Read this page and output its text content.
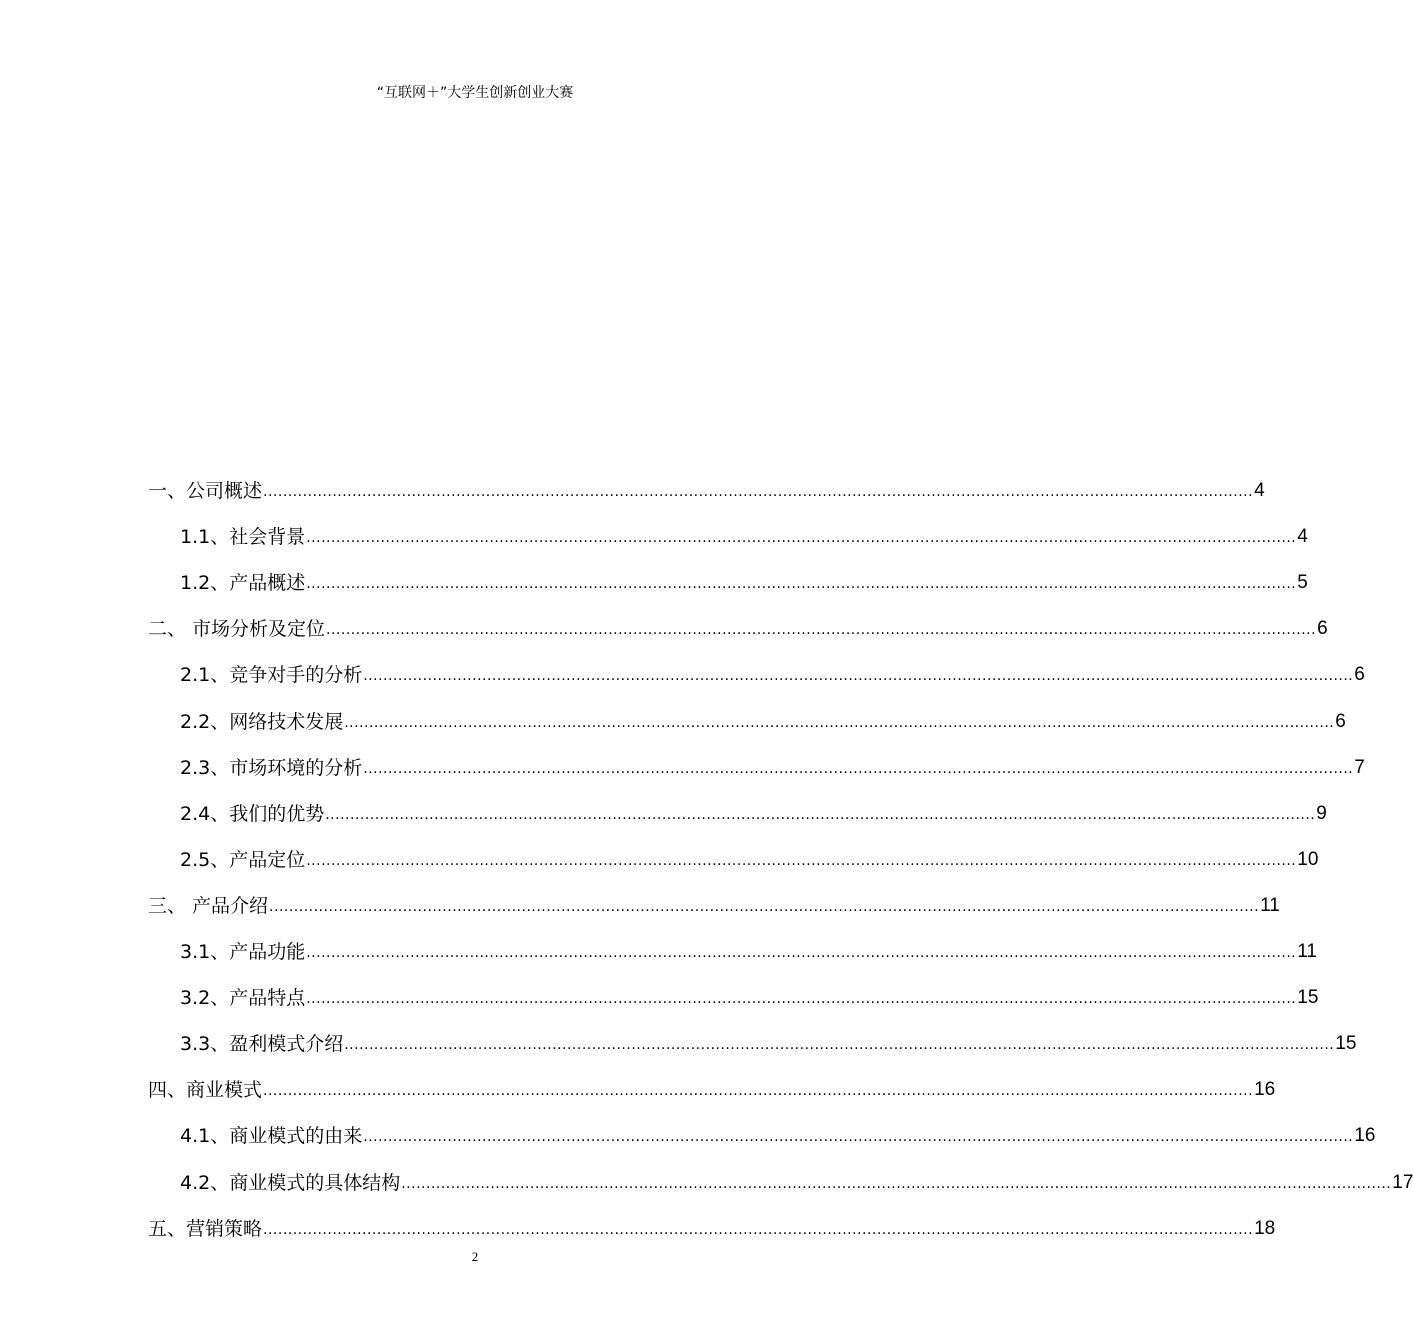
“互联网＋”大学生创新创业大赛
一、公司概述 ........................................................................................................................................................................................................ 4
1.1、社会背景 ........................................................................................................................................................................................................ 4
1.2、产品概述 ........................................................................................................................................................................................................ 5
二、 市场分析及定位 ........................................................................................................................................................................................................ 6
2.1、竞争对手的分析 ........................................................................................................................................................................................................ 6
2.2、网络技术发展 ........................................................................................................................................................................................................ 6
2.3、市场环境的分析 ........................................................................................................................................................................................................ 7
2.4、我们的优势 ........................................................................................................................................................................................................ 9
2.5、产品定位 ........................................................................................................................................................................................................ 10
三、 产品介绍 ........................................................................................................................................................................................................ 11
3.1、产品功能 ........................................................................................................................................................................................................ 11
3.2、产品特点 ........................................................................................................................................................................................................ 15
3.3、盈利模式介绍 ........................................................................................................................................................................................................ 15
四、商业模式 ........................................................................................................................................................................................................ 16
4.1、商业模式的由来 ........................................................................................................................................................................................................ 16
4.2、商业模式的具体结构 ........................................................................................................................................................................................................ 17
五、营销策略 ........................................................................................................................................................................................................ 18
2
